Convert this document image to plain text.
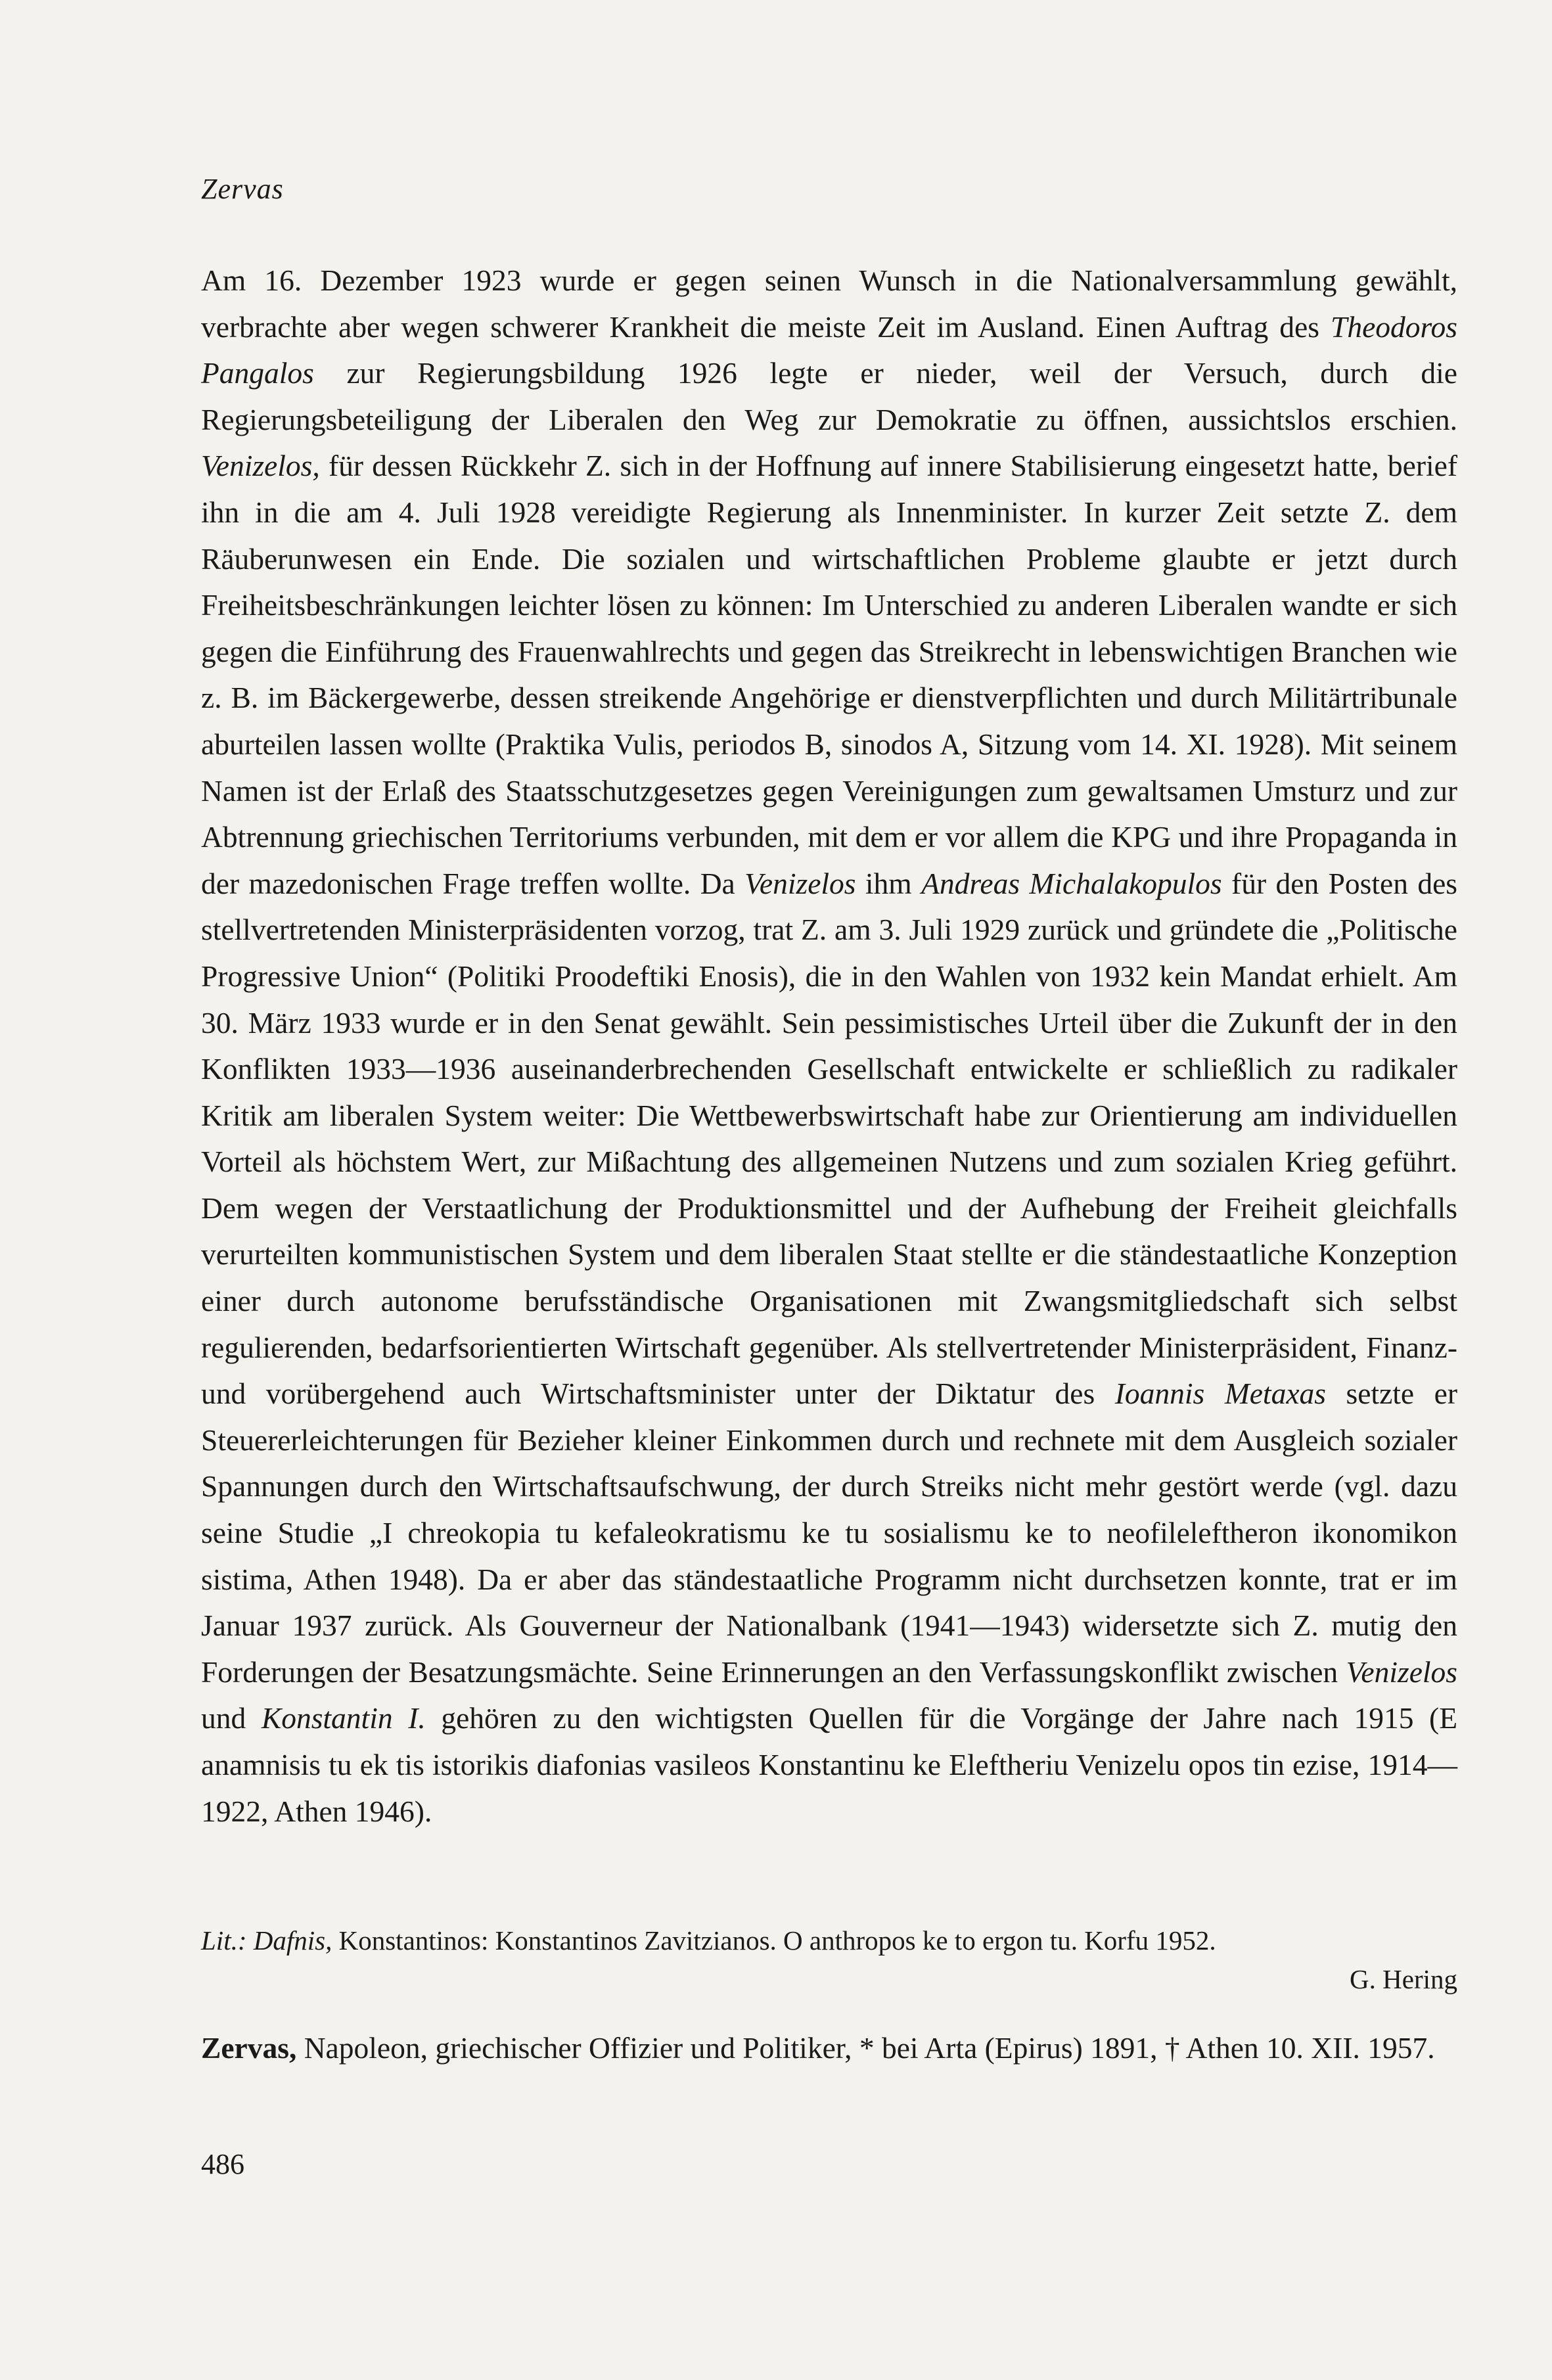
Zervas

Am 16. Dezember 1923 wurde er gegen seinen Wunsch in die Nationalversammlung gewählt, verbrachte aber wegen schwerer Krankheit die meiste Zeit im Ausland. Einen Auftrag des Theodoros Pangalos zur Regierungsbildung 1926 legte er nieder, weil der Versuch, durch die Regierungsbeteiligung der Liberalen den Weg zur Demokratie zu öffnen, aussichtslos erschien. Venizelos, für dessen Rückkehr Z. sich in der Hoffnung auf innere Stabilisierung eingesetzt hatte, berief ihn in die am 4. Juli 1928 vereidigte Regierung als Innenminister. In kurzer Zeit setzte Z. dem Räuberunwesen ein Ende. Die sozialen und wirtschaftlichen Probleme glaubte er jetzt durch Freiheitsbeschränkungen leichter lösen zu können: Im Unterschied zu anderen Liberalen wandte er sich gegen die Einführung des Frauenwahlrechts und gegen das Streikrecht in lebenswichtigen Branchen wie z. B. im Bäckergewerbe, dessen streikende Angehörige er dienstverpflichten und durch Militärtribunale aburteilen lassen wollte (Praktika Vulis, periodos B, sinodos A, Sitzung vom 14. XI. 1928). Mit seinem Namen ist der Erlaß des Staatsschutzgesetzes gegen Vereinigungen zum gewaltsamen Umsturz und zur Abtrennung griechischen Territoriums verbunden, mit dem er vor allem die KPG und ihre Propaganda in der mazedonischen Frage treffen wollte. Da Venizelos ihm Andreas Michalakopulos für den Posten des stellvertretenden Ministerpräsidenten vorzog, trat Z. am 3. Juli 1929 zurück und gründete die „Politische Progressive Union“ (Politiki Proodeftiki Enosis), die in den Wahlen von 1932 kein Mandat erhielt. Am 30. März 1933 wurde er in den Senat gewählt. Sein pessimistisches Urteil über die Zukunft der in den Konflikten 1933—1936 auseinanderbrechenden Gesellschaft entwickelte er schließlich zu radikaler Kritik am liberalen System weiter: Die Wettbewerbswirtschaft habe zur Orientierung am individuellen Vorteil als höchstem Wert, zur Mißachtung des allgemeinen Nutzens und zum sozialen Krieg geführt. Dem wegen der Verstaatlichung der Produktionsmittel und der Aufhebung der Freiheit gleichfalls verurteilten kommunistischen System und dem liberalen Staat stellte er die ständestaatliche Konzeption einer durch autonome berufsständische Organisationen mit Zwangsmitgliedschaft sich selbst regulierenden, bedarfsorientierten Wirtschaft gegenüber. Als stellvertretender Ministerpräsident, Finanz- und vorübergehend auch Wirtschaftsminister unter der Diktatur des Ioannis Metaxas setzte er Steuererleichterungen für Bezieher kleiner Einkommen durch und rechnete mit dem Ausgleich sozialer Spannungen durch den Wirtschaftsaufschwung, der durch Streiks nicht mehr gestört werde (vgl. dazu seine Studie „I chreokopia tu kefaleokratismu ke tu sosialismu ke to neofileleftheron ikonomikon sistima, Athen 1948). Da er aber das ständestaatliche Programm nicht durchsetzen konnte, trat er im Januar 1937 zurück. Als Gouverneur der Nationalbank (1941—1943) widersetzte sich Z. mutig den Forderungen der Besatzungsmächte. Seine Erinnerungen an den Verfassungskonflikt zwischen Venizelos und Konstantin I. gehören zu den wichtigsten Quellen für die Vorgänge der Jahre nach 1915 (E anamnisis tu ek tis istorikis diafonias vasileos Konstantinu ke Eleftheriu Venizelu opos tin ezise, 1914—1922, Athen 1946).

Lit.: Dafnis, Konstantinos: Konstantinos Zavitzianos. O anthropos ke to ergon tu. Korfu 1952.
G. Hering
Zervas, Napoleon, griechischer Offizier und Politiker, * bei Arta (Epirus) 1891, † Athen 10. XII. 1957.
486
